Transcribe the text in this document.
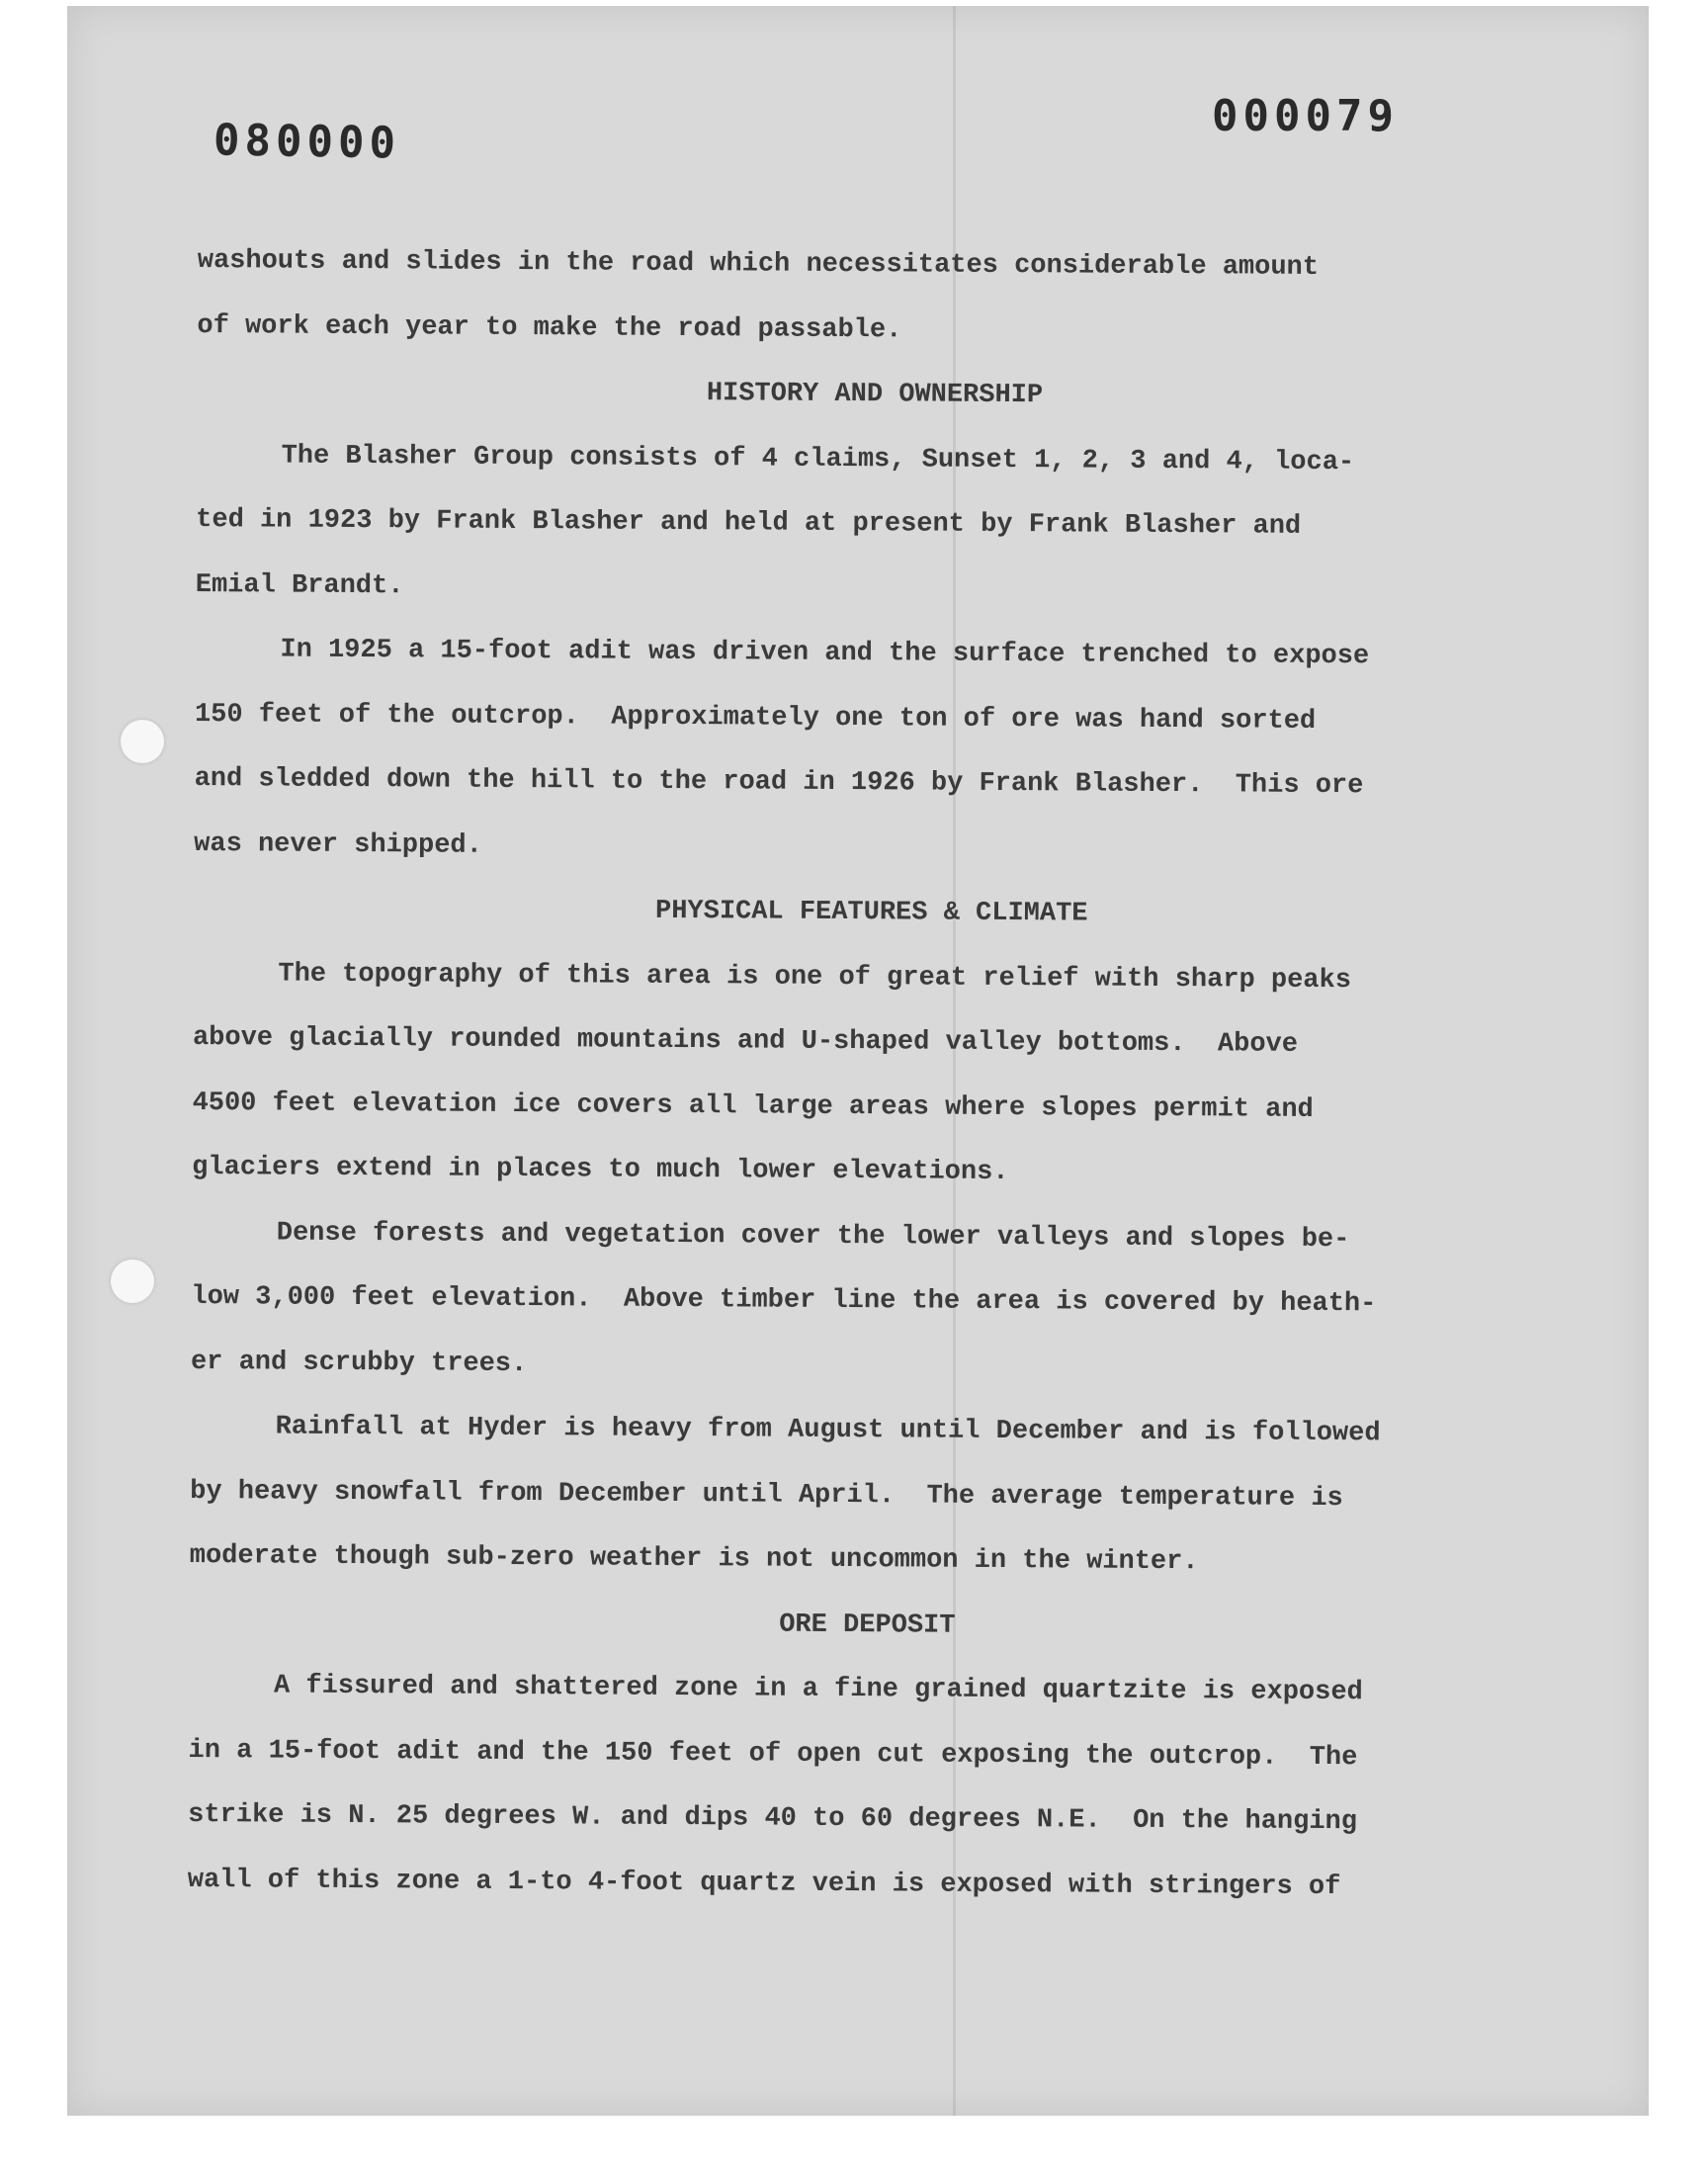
080000	000079
washouts and slides in the road which necessitates considerable amount
of work each year to make the road passable.
HISTORY AND OWNERSHIP
The Blasher Group consists of 4 claims, Sunset 1, 2, 3 and 4, loca-
ted in 1923 by Frank Blasher and held at present by Frank Blasher and
Emial Brandt.
In 1925 a 15-foot adit was driven and the surface trenched to expose
150 feet of the outcrop.  Approximately one ton of ore was hand sorted
and sledded down the hill to the road in 1926 by Frank Blasher.  This ore
was never shipped.
PHYSICAL FEATURES & CLIMATE
The topography of this area is one of great relief with sharp peaks
above glacially rounded mountains and U-shaped valley bottoms.  Above
4500 feet elevation ice covers all large areas where slopes permit and
glaciers extend in places to much lower elevations.
Dense forests and vegetation cover the lower valleys and slopes be-
low 3,000 feet elevation.  Above timber line the area is covered by heath-
er and scrubby trees.
Rainfall at Hyder is heavy from August until December and is followed
by heavy snowfall from December until April.  The average temperature is
moderate though sub-zero weather is not uncommon in the winter.
ORE DEPOSIT
A fissured and shattered zone in a fine grained quartzite is exposed
in a 15-foot adit and the 150 feet of open cut exposing the outcrop.  The
strike is N. 25 degrees W. and dips 40 to 60 degrees N.E.  On the hanging
wall of this zone a 1-to 4-foot quartz vein is exposed with stringers of
